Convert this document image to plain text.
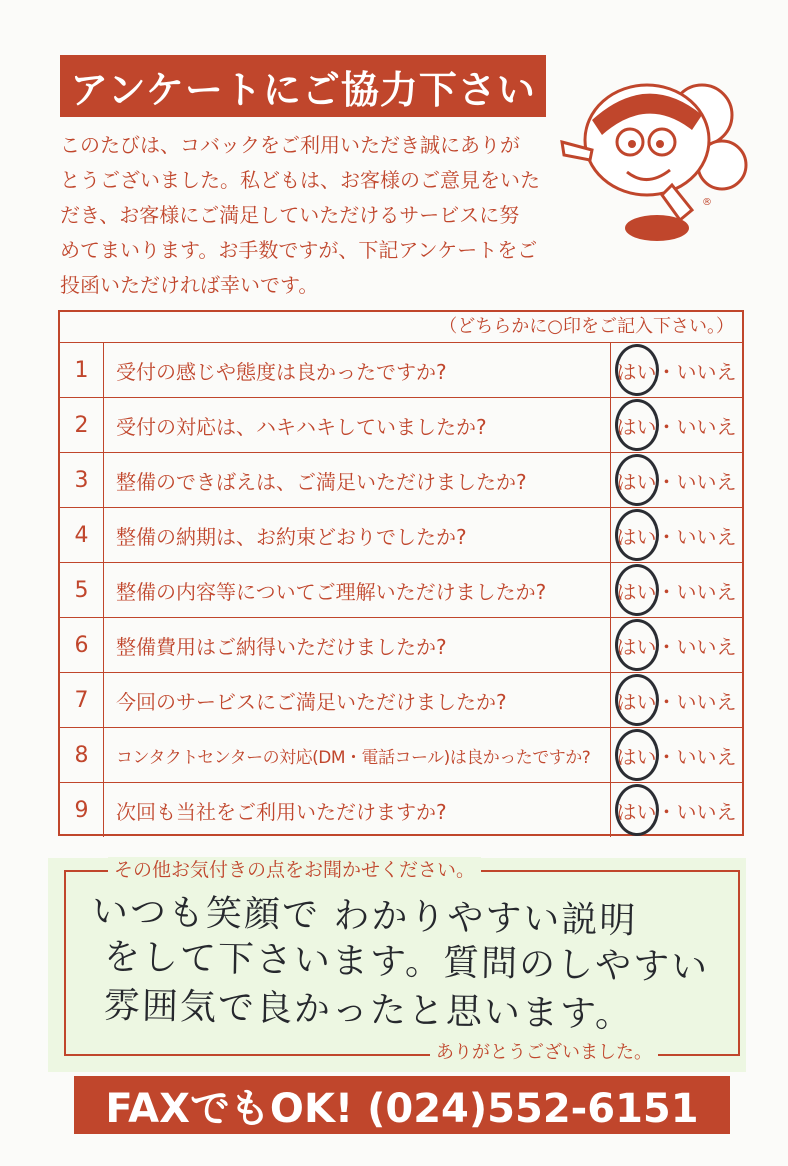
アンケートにご協力下さい
®
このたびは、コバックをご利用いただき誠にありが
とうございました。私どもは、お客様のご意見をいた
だき、お客様にご満足していただけるサービスに努
めてまいります。お手数ですが、下記アンケートをご
投函いただければ幸いです。
（どちらかに○印をご記入下さい。）
1	受付の感じや態度は良かったですか?	はい・いいえ
2	受付の対応は、ハキハキしていましたか?	はい・いいえ
3	整備のできばえは、ご満足いただけましたか?	はい・いいえ
4	整備の納期は、お約束どおりでしたか?	はい・いいえ
5	整備の内容等についてご理解いただけましたか?	はい・いいえ
6	整備費用はご納得いただけましたか?	はい・いいえ
7	今回のサービスにご満足いただけましたか?	はい・いいえ
8	コンタクトセンターの対応(DM・電話コール)は良かったですか?	はい・いいえ
9	次回も当社をご利用いただけますか?	はい・いいえ
その他お気付きの点をお聞かせください。
いつも笑顔で わかりやすい説明
をして下さいます。質問のしやすい
雰囲気で良かったと思います。
ありがとうございました。
FAXでもOK! (024)552-6151
